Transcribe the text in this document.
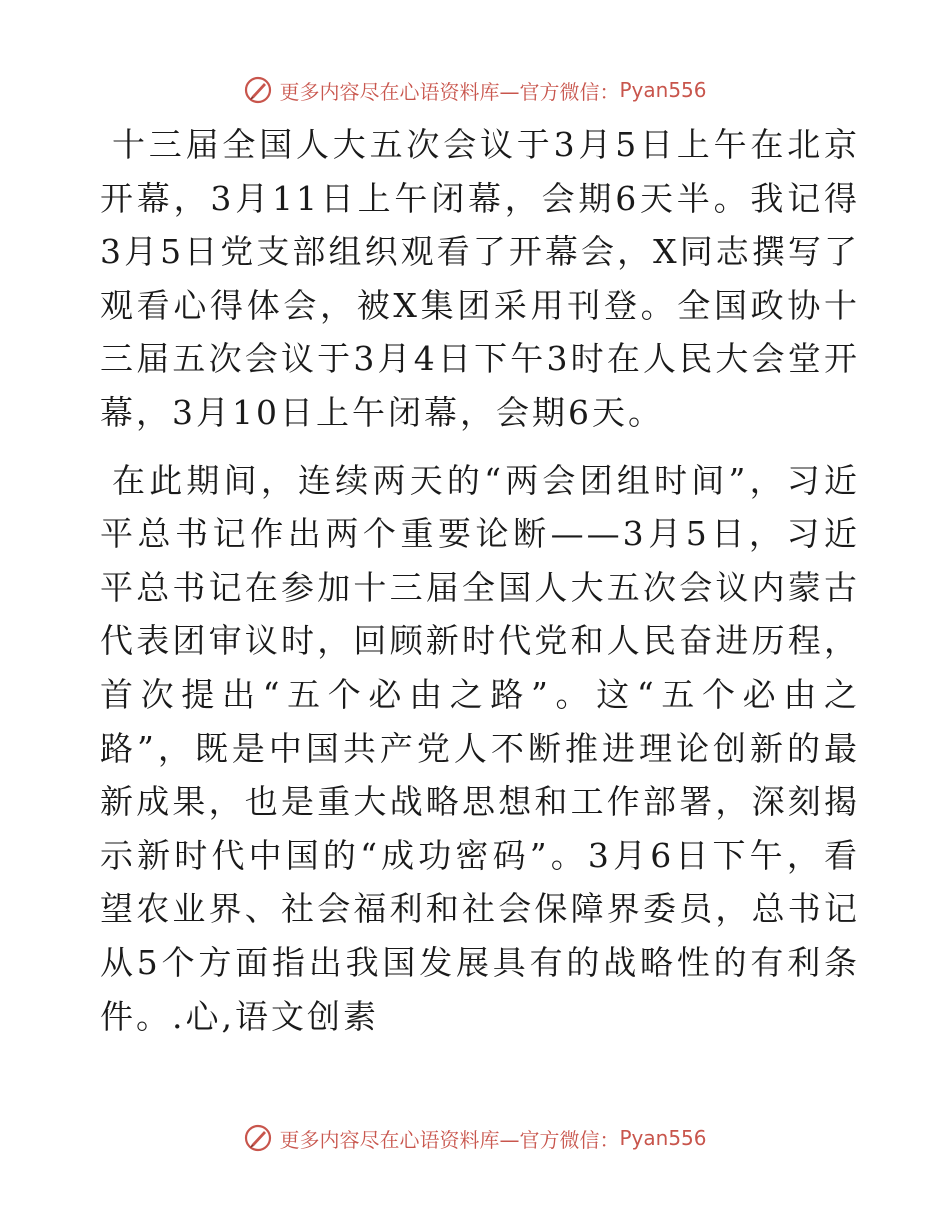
更多内容尽在心语资料库—官方微信： Pyan556

十三届全国人大五次会议于3月5日上午在北京开幕，3月11日上午闭幕，会期6天半。我记得3月5日党支部组织观看了开幕会，X同志撰写了观看心得体会，被X集团采用刊登。全国政协十三届五次会议于3月4日下午3时在人民大会堂开幕，3月10日上午闭幕，会期6天。

在此期间，连续两天的“两会团组时间”，习近平总书记作出两个重要论断——3月5日，习近平总书记在参加十三届全国人大五次会议内蒙古代表团审议时，回顾新时代党和人民奋进历程，首次提出“五个必由之路”。这“五个必由之路”，既是中国共产党人不断推进理论创新的最新成果，也是重大战略思想和工作部署，深刻揭示新时代中国的“成功密码”。3月6日下午，看望农业界、社会福利和社会保障界委员，总书记从5个方面指出我国发展具有的战略性的有利条件。.心,语文创素

更多内容尽在心语资料库—官方微信： Pyan556
